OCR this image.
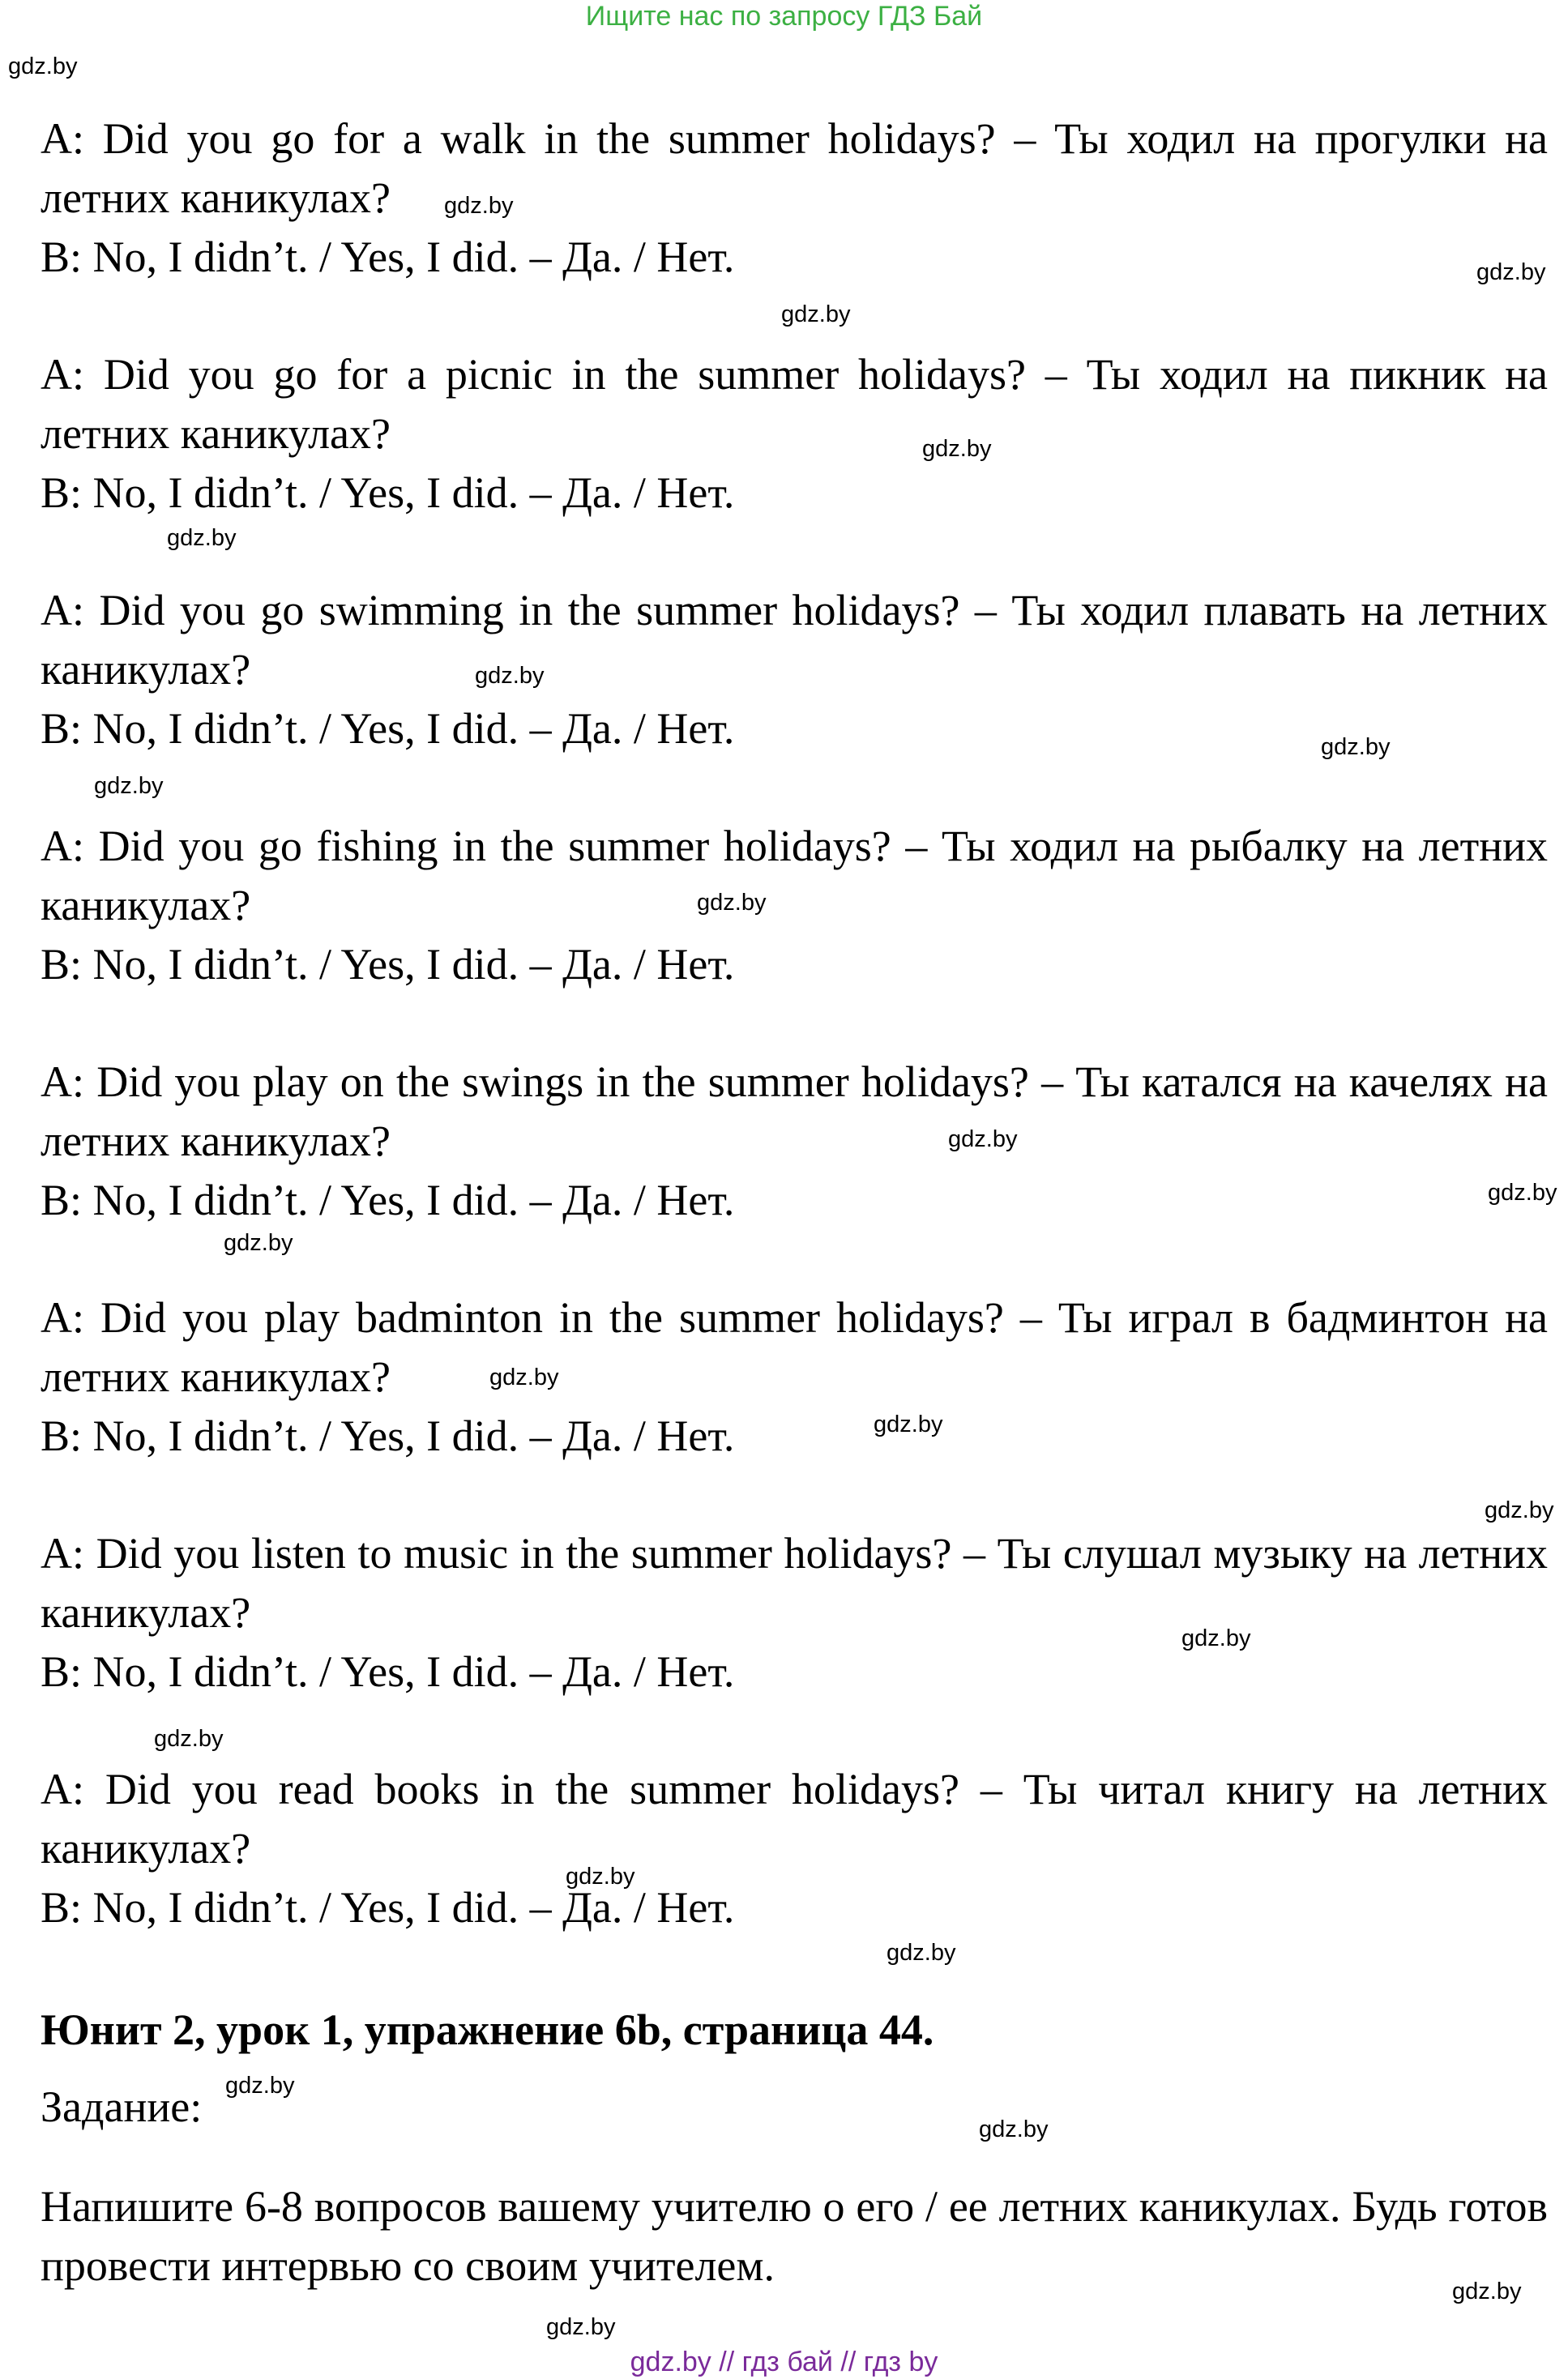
Ищите нас по запросу ГДЗ Бай

A: Did you go for a walk in the summer holidays? – Ты ходил на прогулки на летних каникулах?

B: No, I didn’t. / Yes, I did. – Да. / Нет.

A: Did you go for a picnic in the summer holidays? – Ты ходил на пикник на летних каникулах?

B: No, I didn’t. / Yes, I did. – Да. / Нет.

A: Did you go swimming in the summer holidays? – Ты ходил плавать на летних каникулах?

B: No, I didn’t. / Yes, I did. – Да. / Нет.

A: Did you go fishing in the summer holidays? – Ты ходил на рыбалку на летних каникулах?

B: No, I didn’t. / Yes, I did. – Да. / Нет.

A: Did you play on the swings in the summer holidays? – Ты катался на качелях на летних каникулах?

B: No, I didn’t. / Yes, I did. – Да. / Нет.

A: Did you play badminton in the summer holidays? – Ты играл в бадминтон на летних каникулах?

B: No, I didn’t. / Yes, I did. – Да. / Нет.

A: Did you listen to music in the summer holidays? – Ты слушал музыку на летних каникулах?

B: No, I didn’t. / Yes, I did. – Да. / Нет.

A: Did you read books in the summer holidays? – Ты читал книгу на летних каникулах?

B: No, I didn’t. / Yes, I did. – Да. / Нет.

Юнит 2, урок 1, упражнение 6b, страница 44.
Задание:

Напишите 6-8 вопросов вашему учителю о его / ее летних каникулах. Будь готов провести интервью со своим учителем.

gdz.by
gdz.by
gdz.by
gdz.by
gdz.by
gdz.by
gdz.by
gdz.by
gdz.by
gdz.by
gdz.by
gdz.by
gdz.by
gdz.by
gdz.by
gdz.by
gdz.by
gdz.by
gdz.by
gdz.by
gdz.by
gdz.by
gdz.by
gdz.by
gdz.by // гдз бай // гдз by
